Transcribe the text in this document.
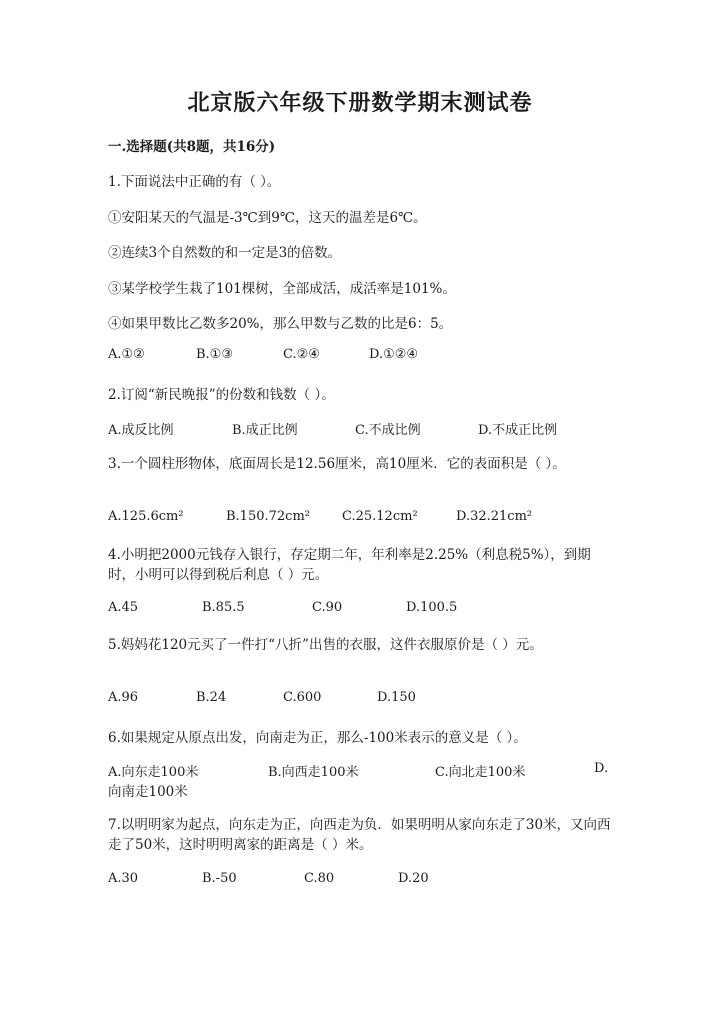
北京版六年级下册数学期末测试卷
一.选择题(共8题，共16分)
1.下面说法中正确的有（ ）。
①安阳某天的气温是-3℃到9℃，这天的温差是6℃。
②连续3个自然数的和一定是3的倍数。
③某学校学生栽了101棵树，全部成活，成活率是101%。
④如果甲数比乙数多20%，那么甲数与乙数的比是6：5。
A.①②	B.①③	C.②④	D.①②④
2.订阅“新民晚报”的份数和钱数（ ）。
A.成反比例	B.成正比例	C.不成比例	D.不成正比例
3.一个圆柱形物体，底面周长是12.56厘米，高10厘米．它的表面积是（ ）。
A.125.6cm²	B.150.72cm² C.25.12cm²	D.32.21cm²
4.小明把2000元钱存入银行，存定期二年，年利率是2.25%（利息税5%），到期时，小明可以得到税后利息（ ）元。
A.45	B.85.5	C.90	D.100.5
5.妈妈花120元买了一件打“八折”出售的衣服，这件衣服原价是（ ）元。
A.96	B.24	C.600	D.150
6.如果规定从原点出发，向南走为正，那么-100米表示的意义是（ ）。
A.向东走100米	B.向西走100米	C.向北走100米	D.
向南走100米
7.以明明家为起点，向东走为正，向西走为负．如果明明从家向东走了30米，又向西走了50米，这时明明离家的距离是（ ）米。
A.30	B.-50	C.80	D.20
